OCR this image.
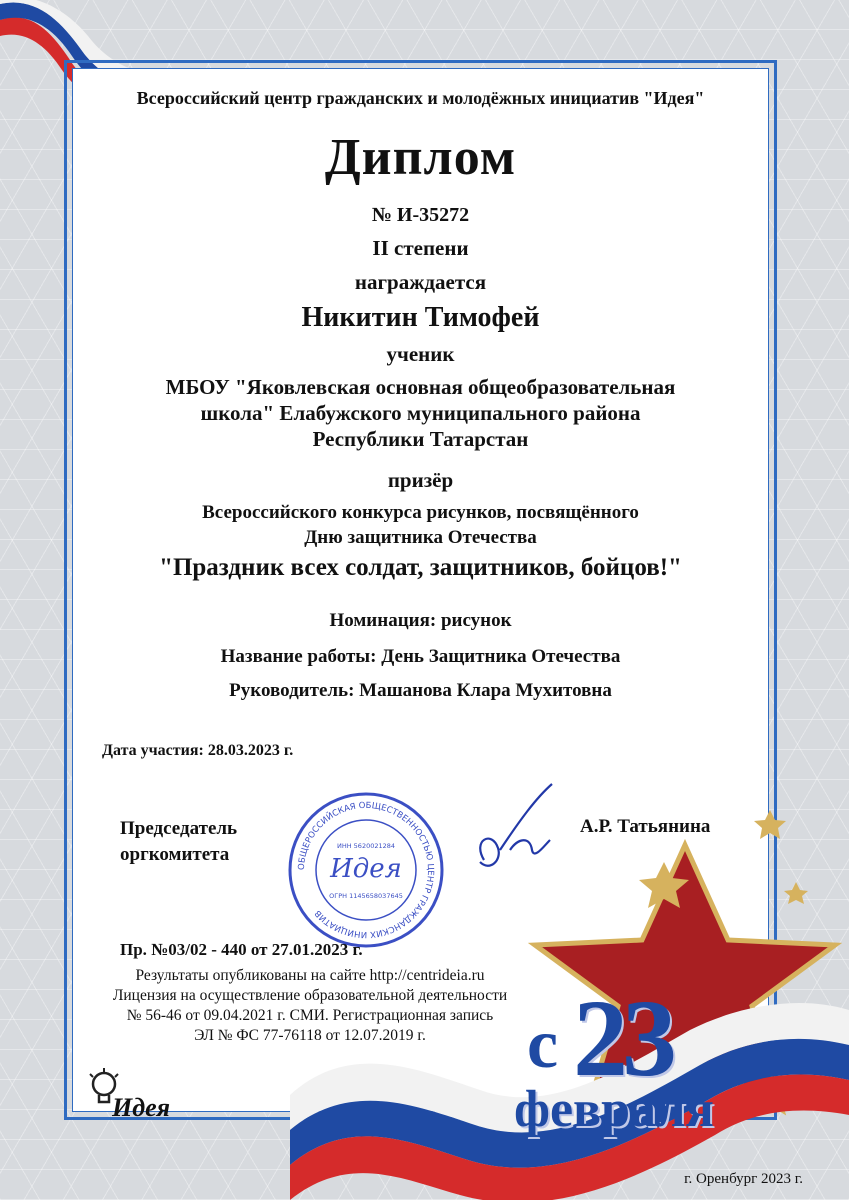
Всероссийский центр гражданских и молодёжных инициатив "Идея"
Диплом
№ И-35272
II степени
награждается
Никитин Тимофей
ученик
МБОУ "Яковлевская основная общеобразовательная
школа" Елабужского муниципального района
Республики Татарстан
призёр
Всероссийского конкурса рисунков, посвящённого
Дню защитника Отечества
"Праздник всех солдат, защитников, бойцов!"
Номинация: рисунок
Название работы: День Защитника Отечества
Руководитель: Машанова Клара Мухитовна
Дата участия: 28.03.2023 г.
Председатель
оргкомитета
ОБЩЕРОССИЙСКАЯ ОБЩЕСТВЕННОСТЬЮ ЦЕНТР ГРАЖДАНСКИХ ИНИЦИАТИВ
ИНН 5620021284
Идея
ОГРН 1145658037645
А.Р. Татьянина
Пр. №03/02 - 440 от 27.01.2023 г.
Результаты опубликованы на сайте http://centrideia.ru
Лицензия на осуществление образовательной деятельности
№ 56-46 от 09.04.2021 г. СМИ. Регистрационная запись
ЭЛ № ФС 77-76118 от 12.07.2019 г.
Идея
с 23
февраля
г. Оренбург 2023 г.
